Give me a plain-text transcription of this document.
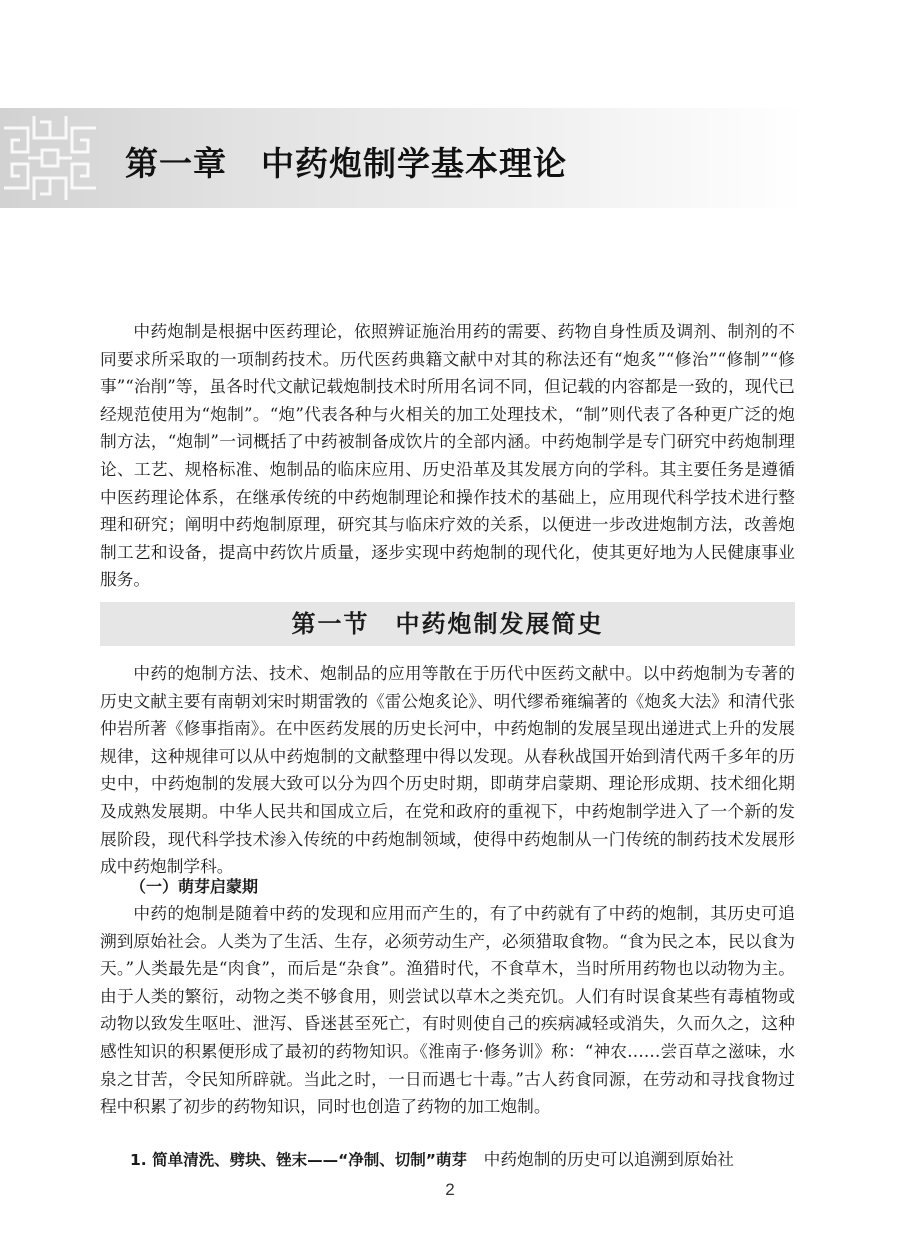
第一章　中药炮制学基本理论

中药炮制是根据中医药理论，依照辨证施治用药的需要、药物自身性质及调剂、制剂的不同要求所采取的一项制药技术。历代医药典籍文献中对其的称法还有“炮炙”“修治”“修制”“修事”“治削”等，虽各时代文献记载炮制技术时所用名词不同，但记载的内容都是一致的，现代已经规范使用为“炮制”。“炮”代表各种与火相关的加工处理技术，“制”则代表了各种更广泛的炮制方法，“炮制”一词概括了中药被制备成饮片的全部内涵。中药炮制学是专门研究中药炮制理论、工艺、规格标准、炮制品的临床应用、历史沿革及其发展方向的学科。其主要任务是遵循中医药理论体系，在继承传统的中药炮制理论和操作技术的基础上，应用现代科学技术进行整理和研究；阐明中药炮制原理，研究其与临床疗效的关系，以便进一步改进炮制方法，改善炮制工艺和设备，提高中药饮片质量，逐步实现中药炮制的现代化，使其更好地为人民健康事业服务。

第一节　中药炮制发展简史

中药的炮制方法、技术、炮制品的应用等散在于历代中医药文献中。以中药炮制为专著的历史文献主要有南朝刘宋时期雷敩的《雷公炮炙论》、明代缪希雍编著的《炮炙大法》和清代张仲岩所著《修事指南》。在中医药发展的历史长河中，中药炮制的发展呈现出递进式上升的发展规律，这种规律可以从中药炮制的文献整理中得以发现。从春秋战国开始到清代两千多年的历史中，中药炮制的发展大致可以分为四个历史时期，即萌芽启蒙期、理论形成期、技术细化期及成熟发展期。中华人民共和国成立后，在党和政府的重视下，中药炮制学进入了一个新的发展阶段，现代科学技术渗入传统的中药炮制领域，使得中药炮制从一门传统的制药技术发展形成中药炮制学科。

（一）萌芽启蒙期

中药的炮制是随着中药的发现和应用而产生的，有了中药就有了中药的炮制，其历史可追溯到原始社会。人类为了生活、生存，必须劳动生产，必须猎取食物。“食为民之本，民以食为天。”人类最先是“肉食”，而后是“杂食”。渔猎时代，不食草木，当时所用药物也以动物为主。由于人类的繁衍，动物之类不够食用，则尝试以草木之类充饥。人们有时误食某些有毒植物或动物以致发生呕吐、泄泻、昏迷甚至死亡，有时则使自己的疾病减轻或消失，久而久之，这种感性知识的积累便形成了最初的药物知识。《淮南子·修务训》称：“神农……尝百草之滋味，水泉之甘苦，令民知所辟就。当此之时，一日而遇七十毒。”古人药食同源，在劳动和寻找食物过程中积累了初步的药物知识，同时也创造了药物的加工炮制。

1. 简单清洗、劈块、锉末——“净制、切制”萌芽　 中药炮制的历史可以追溯到原始社

2
